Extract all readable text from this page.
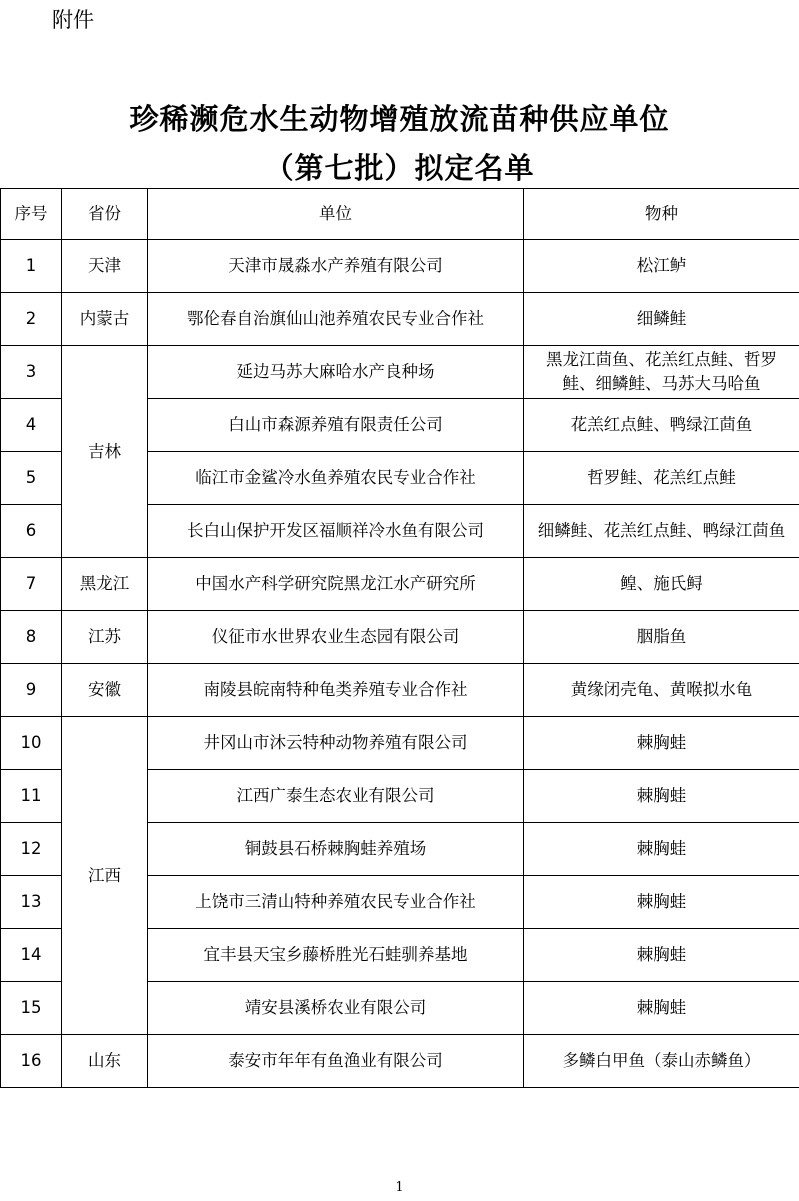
附件
珍稀濒危水生动物增殖放流苗种供应单位
（第七批）拟定名单
序号	省份	单位	物种
1	天津	天津市晟淼水产养殖有限公司	松江鲈
2	内蒙古	鄂伦春自治旗仙山池养殖农民专业合作社	细鳞鲑
3	吉林	延边马苏大麻哈水产良种场	黑龙江茴鱼、花羔红点鲑、哲罗鲑、细鳞鲑、马苏大马哈鱼
4		白山市森源养殖有限责任公司	花羔红点鲑、鸭绿江茴鱼
5		临江市金鲨冷水鱼养殖农民专业合作社	哲罗鲑、花羔红点鲑
6		长白山保护开发区福顺祥冷水鱼有限公司	细鳞鲑、花羔红点鲑、鸭绿江茴鱼
7	黑龙江	中国水产科学研究院黑龙江水产研究所	鳇、施氏鲟
8	江苏	仪征市水世界农业生态园有限公司	胭脂鱼
9	安徽	南陵县皖南特种龟类养殖专业合作社	黄缘闭壳龟、黄喉拟水龟
10	江西	井冈山市沐云特种动物养殖有限公司	棘胸蛙
11		江西广泰生态农业有限公司	棘胸蛙
12		铜鼓县石桥棘胸蛙养殖场	棘胸蛙
13		上饶市三清山特种养殖农民专业合作社	棘胸蛙
14		宜丰县天宝乡藤桥胜光石蛙驯养基地	棘胸蛙
15		靖安县溪桥农业有限公司	棘胸蛙
16	山东	泰安市年年有鱼渔业有限公司	多鳞白甲鱼（泰山赤鳞鱼）
1
